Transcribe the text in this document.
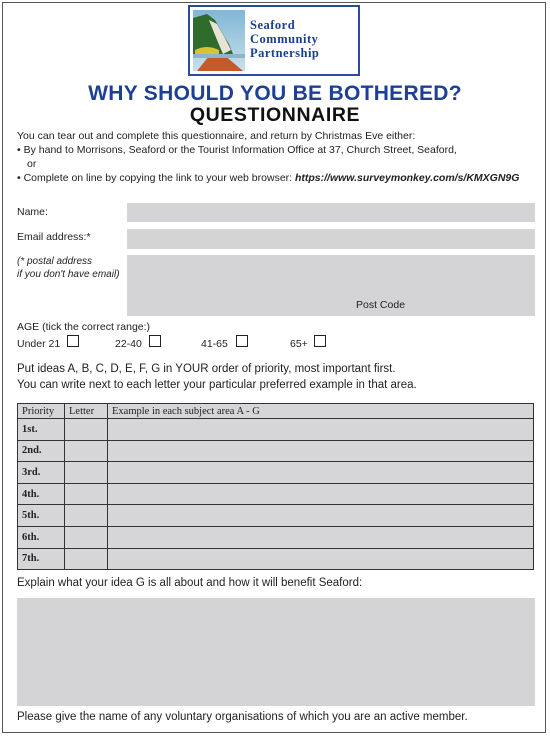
Seaford
Community
Partnership
WHY SHOULD YOU BE BOTHERED?
QUESTIONNAIRE
You can tear out and complete this questionnaire, and return by Christmas Eve either:
• By hand to Morrisons, Seaford or the Tourist Information Office at 37, Church Street, Seaford,
or
• Complete on line by copying the link to your web browser: https://www.surveymonkey.com/s/KMXGN9G
Name:
Email address:*
(* postal address
if you don't have email)
Post Code
AGE (tick the correct range:)
Under 21	22-40	41-65	65+
Put ideas A, B, C, D, E, F, G in YOUR order of priority, most important first.
You can write next to each letter your particular preferred example in that area.
Priority	Letter	Example in each subject area A - G
1st.		
2nd.		
3rd.		
4th.		
5th.		
6th.		
7th.		
Explain what your idea G is all about and how it will benefit Seaford:
Please give the name of any voluntary organisations of which you are an active member.
